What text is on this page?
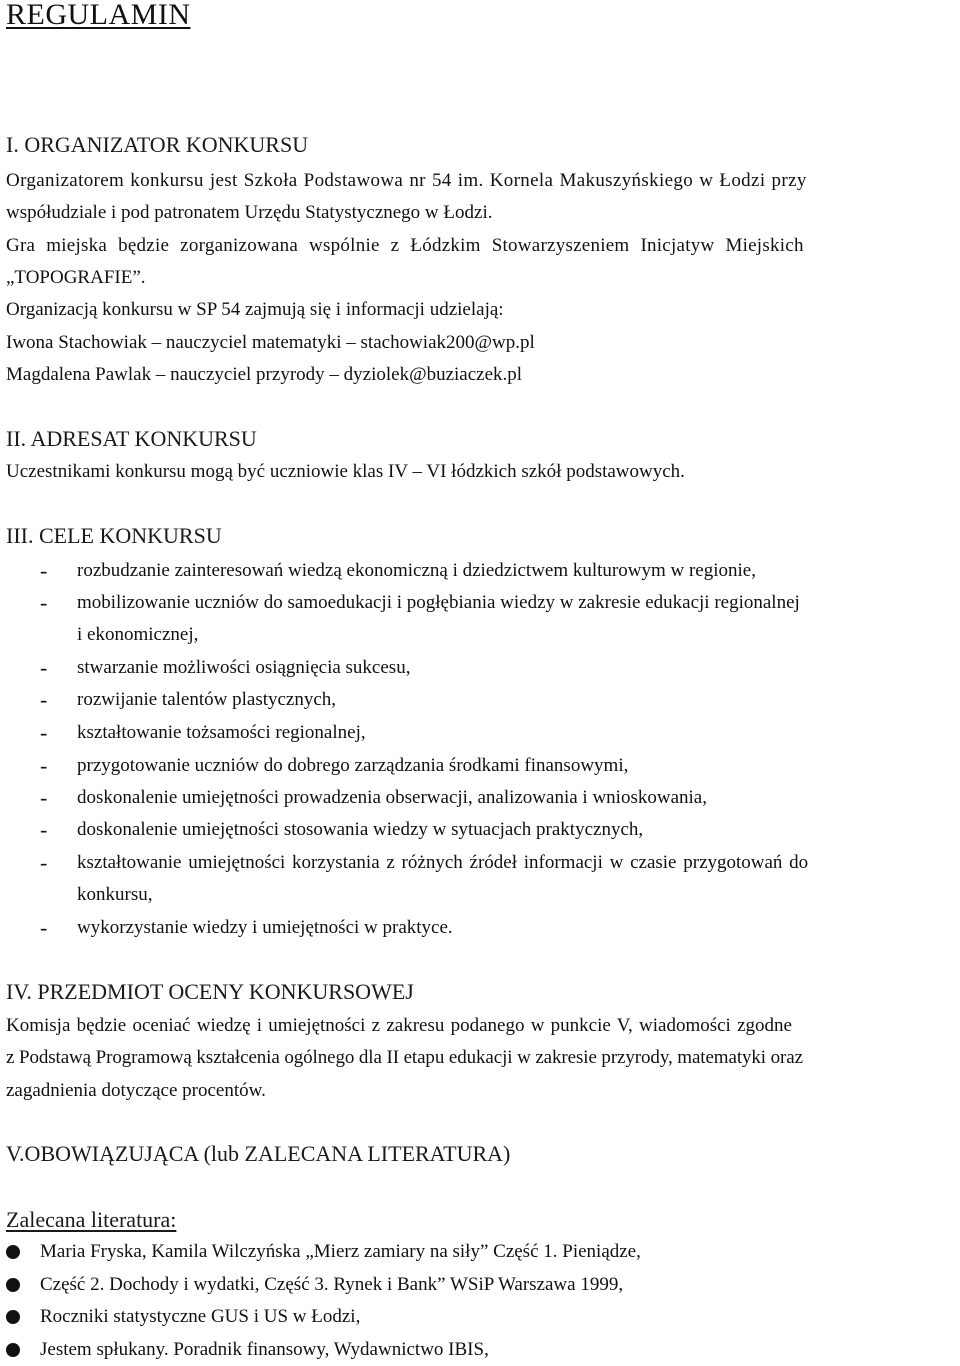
REGULAMIN
I. ORGANIZATOR KONKURSU
Organizatorem konkursu jest Szkoła Podstawowa nr 54 im. Kornela Makuszyńskiego w Łodzi przy
współudziale i pod patronatem Urzędu Statystycznego w Łodzi.
Gra miejska będzie zorganizowana wspólnie z Łódzkim Stowarzyszeniem Inicjatyw Miejskich
„TOPOGRAFIE”.
Organizacją konkursu w SP 54 zajmują się i informacji udzielają:
Iwona Stachowiak – nauczyciel matematyki – stachowiak200@wp.pl
Magdalena Pawlak – nauczyciel przyrody – dyziolek@buziaczek.pl
II. ADRESAT KONKURSU
Uczestnikami konkursu mogą być uczniowie klas IV – VI łódzkich szkół podstawowych.
III. CELE KONKURSU
-	rozbudzanie zainteresowań wiedzą ekonomiczną i dziedzictwem kulturowym w regionie,
-	mobilizowanie uczniów do samoedukacji i pogłębiania wiedzy w zakresie edukacji regionalnej
i ekonomicznej,
-	stwarzanie możliwości osiągnięcia sukcesu,
-	rozwijanie talentów plastycznych,
-	kształtowanie tożsamości regionalnej,
-	przygotowanie uczniów do dobrego zarządzania środkami finansowymi,
-	doskonalenie umiejętności prowadzenia obserwacji, analizowania i wnioskowania,
-	doskonalenie umiejętności stosowania wiedzy w sytuacjach praktycznych,
-	kształtowanie umiejętności korzystania z różnych źródeł informacji w czasie przygotowań do
konkursu,
-	wykorzystanie wiedzy i umiejętności w praktyce.
IV. PRZEDMIOT OCENY KONKURSOWEJ
Komisja będzie oceniać wiedzę i umiejętności z zakresu podanego w punkcie V, wiadomości zgodne
z Podstawą Programową kształcenia ogólnego dla II etapu edukacji w zakresie przyrody, matematyki oraz
zagadnienia dotyczące procentów.
V.OBOWIĄZUJĄCA (lub ZALECANA LITERATURA)
Zalecana literatura:
Maria Fryska, Kamila Wilczyńska „Mierz zamiary na siły” Część 1. Pieniądze,
Część 2. Dochody i wydatki, Część 3. Rynek i Bank” WSiP Warszawa 1999,
Roczniki statystyczne GUS i US w Łodzi,
Jestem spłukany. Poradnik finansowy, Wydawnictwo IBIS,
